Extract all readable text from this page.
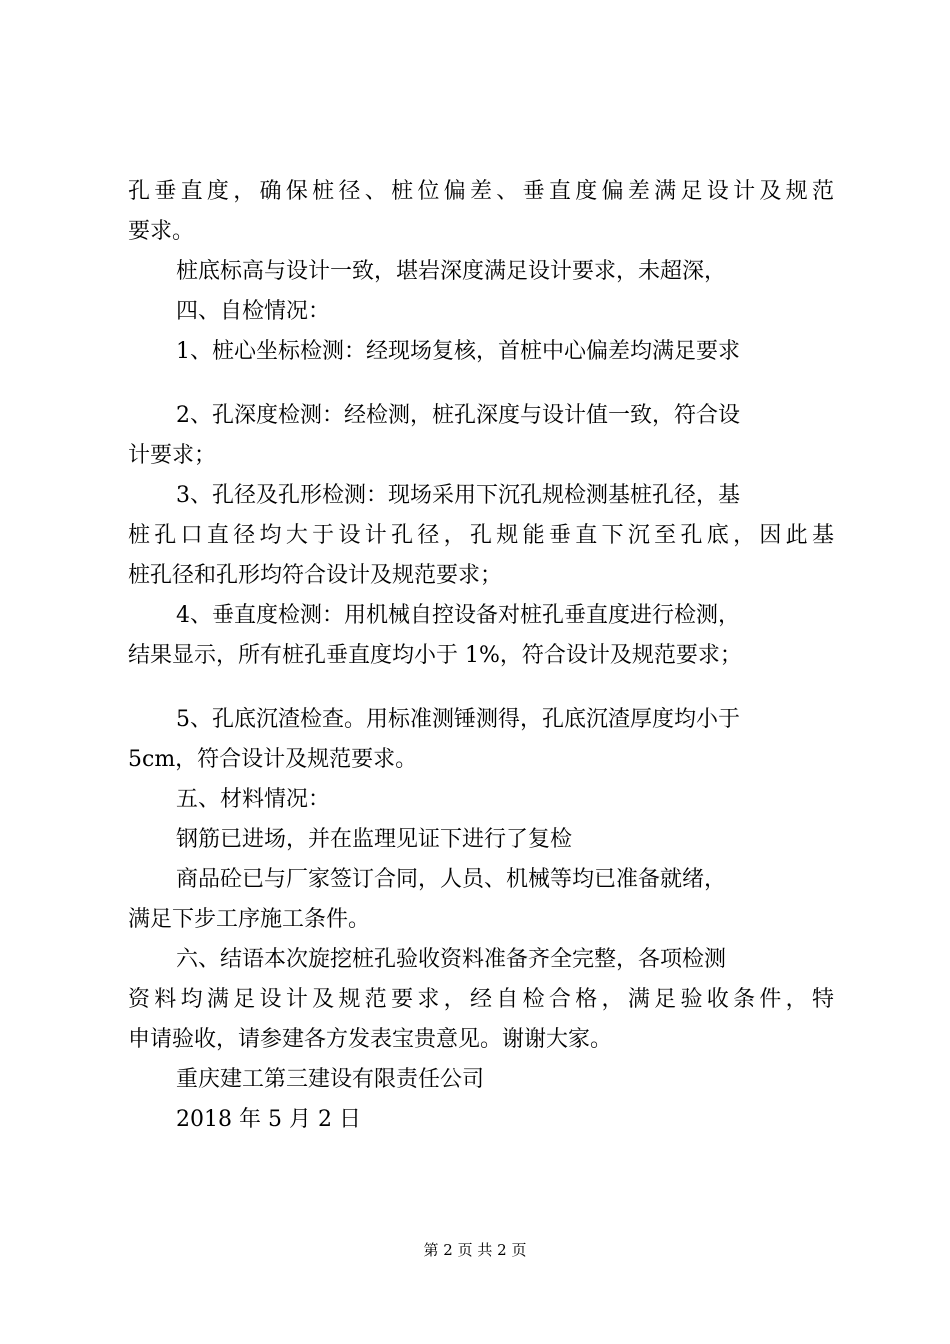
孔垂直度，确保桩径、桩位偏差、垂直度偏差满足设计及规范
要求。
桩底标高与设计一致，堪岩深度满足设计要求，未超深，
四、自检情况：
1、桩心坐标检测：经现场复核，首桩中心偏差均满足要求
2、孔深度检测：经检测，桩孔深度与设计值一致，符合设
计要求；
3、孔径及孔形检测：现场采用下沉孔规检测基桩孔径，基
桩孔口直径均大于设计孔径，孔规能垂直下沉至孔底，因此基
桩孔径和孔形均符合设计及规范要求；
4、垂直度检测：用机械自控设备对桩孔垂直度进行检测，
结果显示，所有桩孔垂直度均小于 1%，符合设计及规范要求；
5、孔底沉渣检查。用标准测锤测得，孔底沉渣厚度均小于
5cm，符合设计及规范要求。
五、材料情况：
钢筋已进场，并在监理见证下进行了复检
商品砼已与厂家签订合同，人员、机械等均已准备就绪，
满足下步工序施工条件。
六、结语本次旋挖桩孔验收资料准备齐全完整，各项检测
资料均满足设计及规范要求，经自检合格，满足验收条件，特
申请验收，请参建各方发表宝贵意见。谢谢大家。
重庆建工第三建设有限责任公司
2018 年 5 月 2 日
第 2 页 共 2 页
